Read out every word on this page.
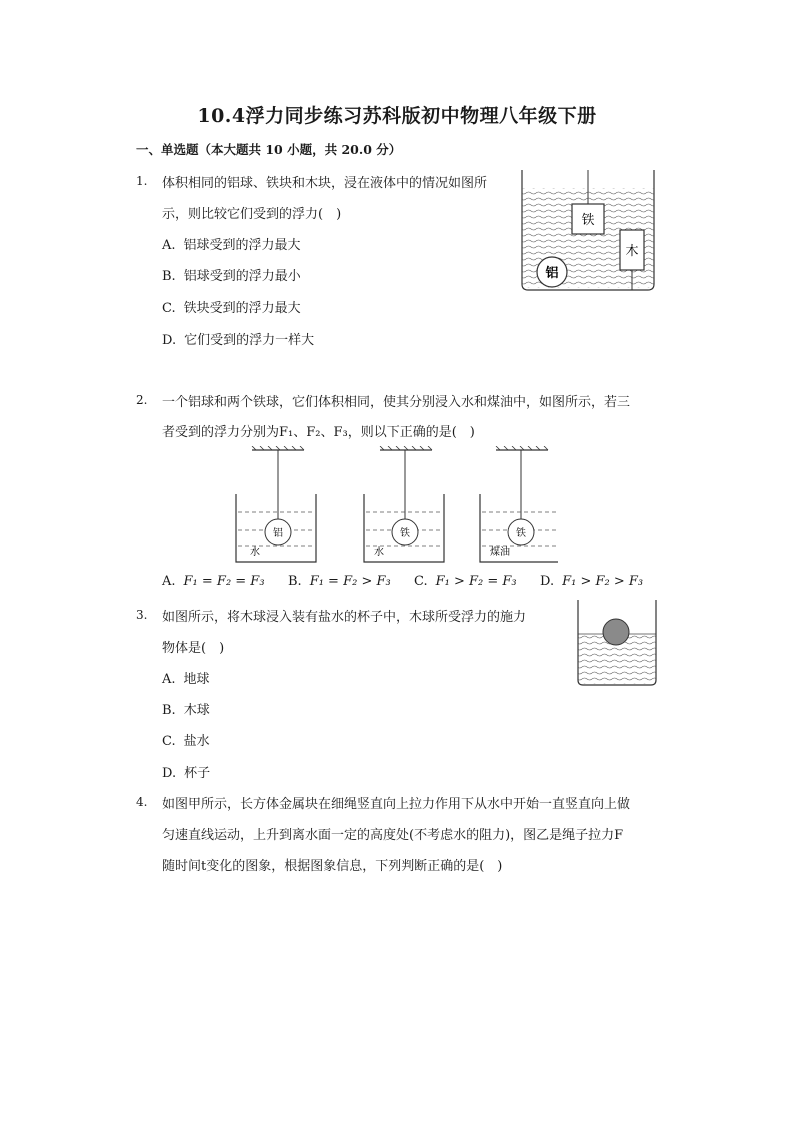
10.4浮力同步练习苏科版初中物理八年级下册
一、单选题（本大题共 10 小题，共 20.0 分）
1. 体积相同的铝球、铁块和木块，浸在液体中的情况如图所
示，则比较它们受到的浮力(　)
A. 铝球受到的浮力最大
B. 铝球受到的浮力最小
C. 铁块受到的浮力最大
D. 它们受到的浮力一样大
铁
木
铝
2. 一个铝球和两个铁球，它们体积相同，使其分别浸入水和煤油中，如图所示，若三
者受到的浮力分别为F₁、F₂、F₃，则以下正确的是(　)
铝
水
铁
水
铁
煤油
A. F₁ = F₂ = F₃ B. F₁ = F₂ > F₃ C. F₁ > F₂ = F₃ D. F₁ > F₂ > F₃
3. 如图所示，将木球浸入装有盐水的杯子中，木球所受浮力的施力
物体是(　)
A. 地球
B. 木球
C. 盐水
D. 杯子
4. 如图甲所示，长方体金属块在细绳竖直向上拉力作用下从水中开始一直竖直向上做
匀速直线运动，上升到离水面一定的高度处(不考虑水的阻力)，图乙是绳子拉力F
随时间t变化的图象，根据图象信息，下列判断正确的是(　)
